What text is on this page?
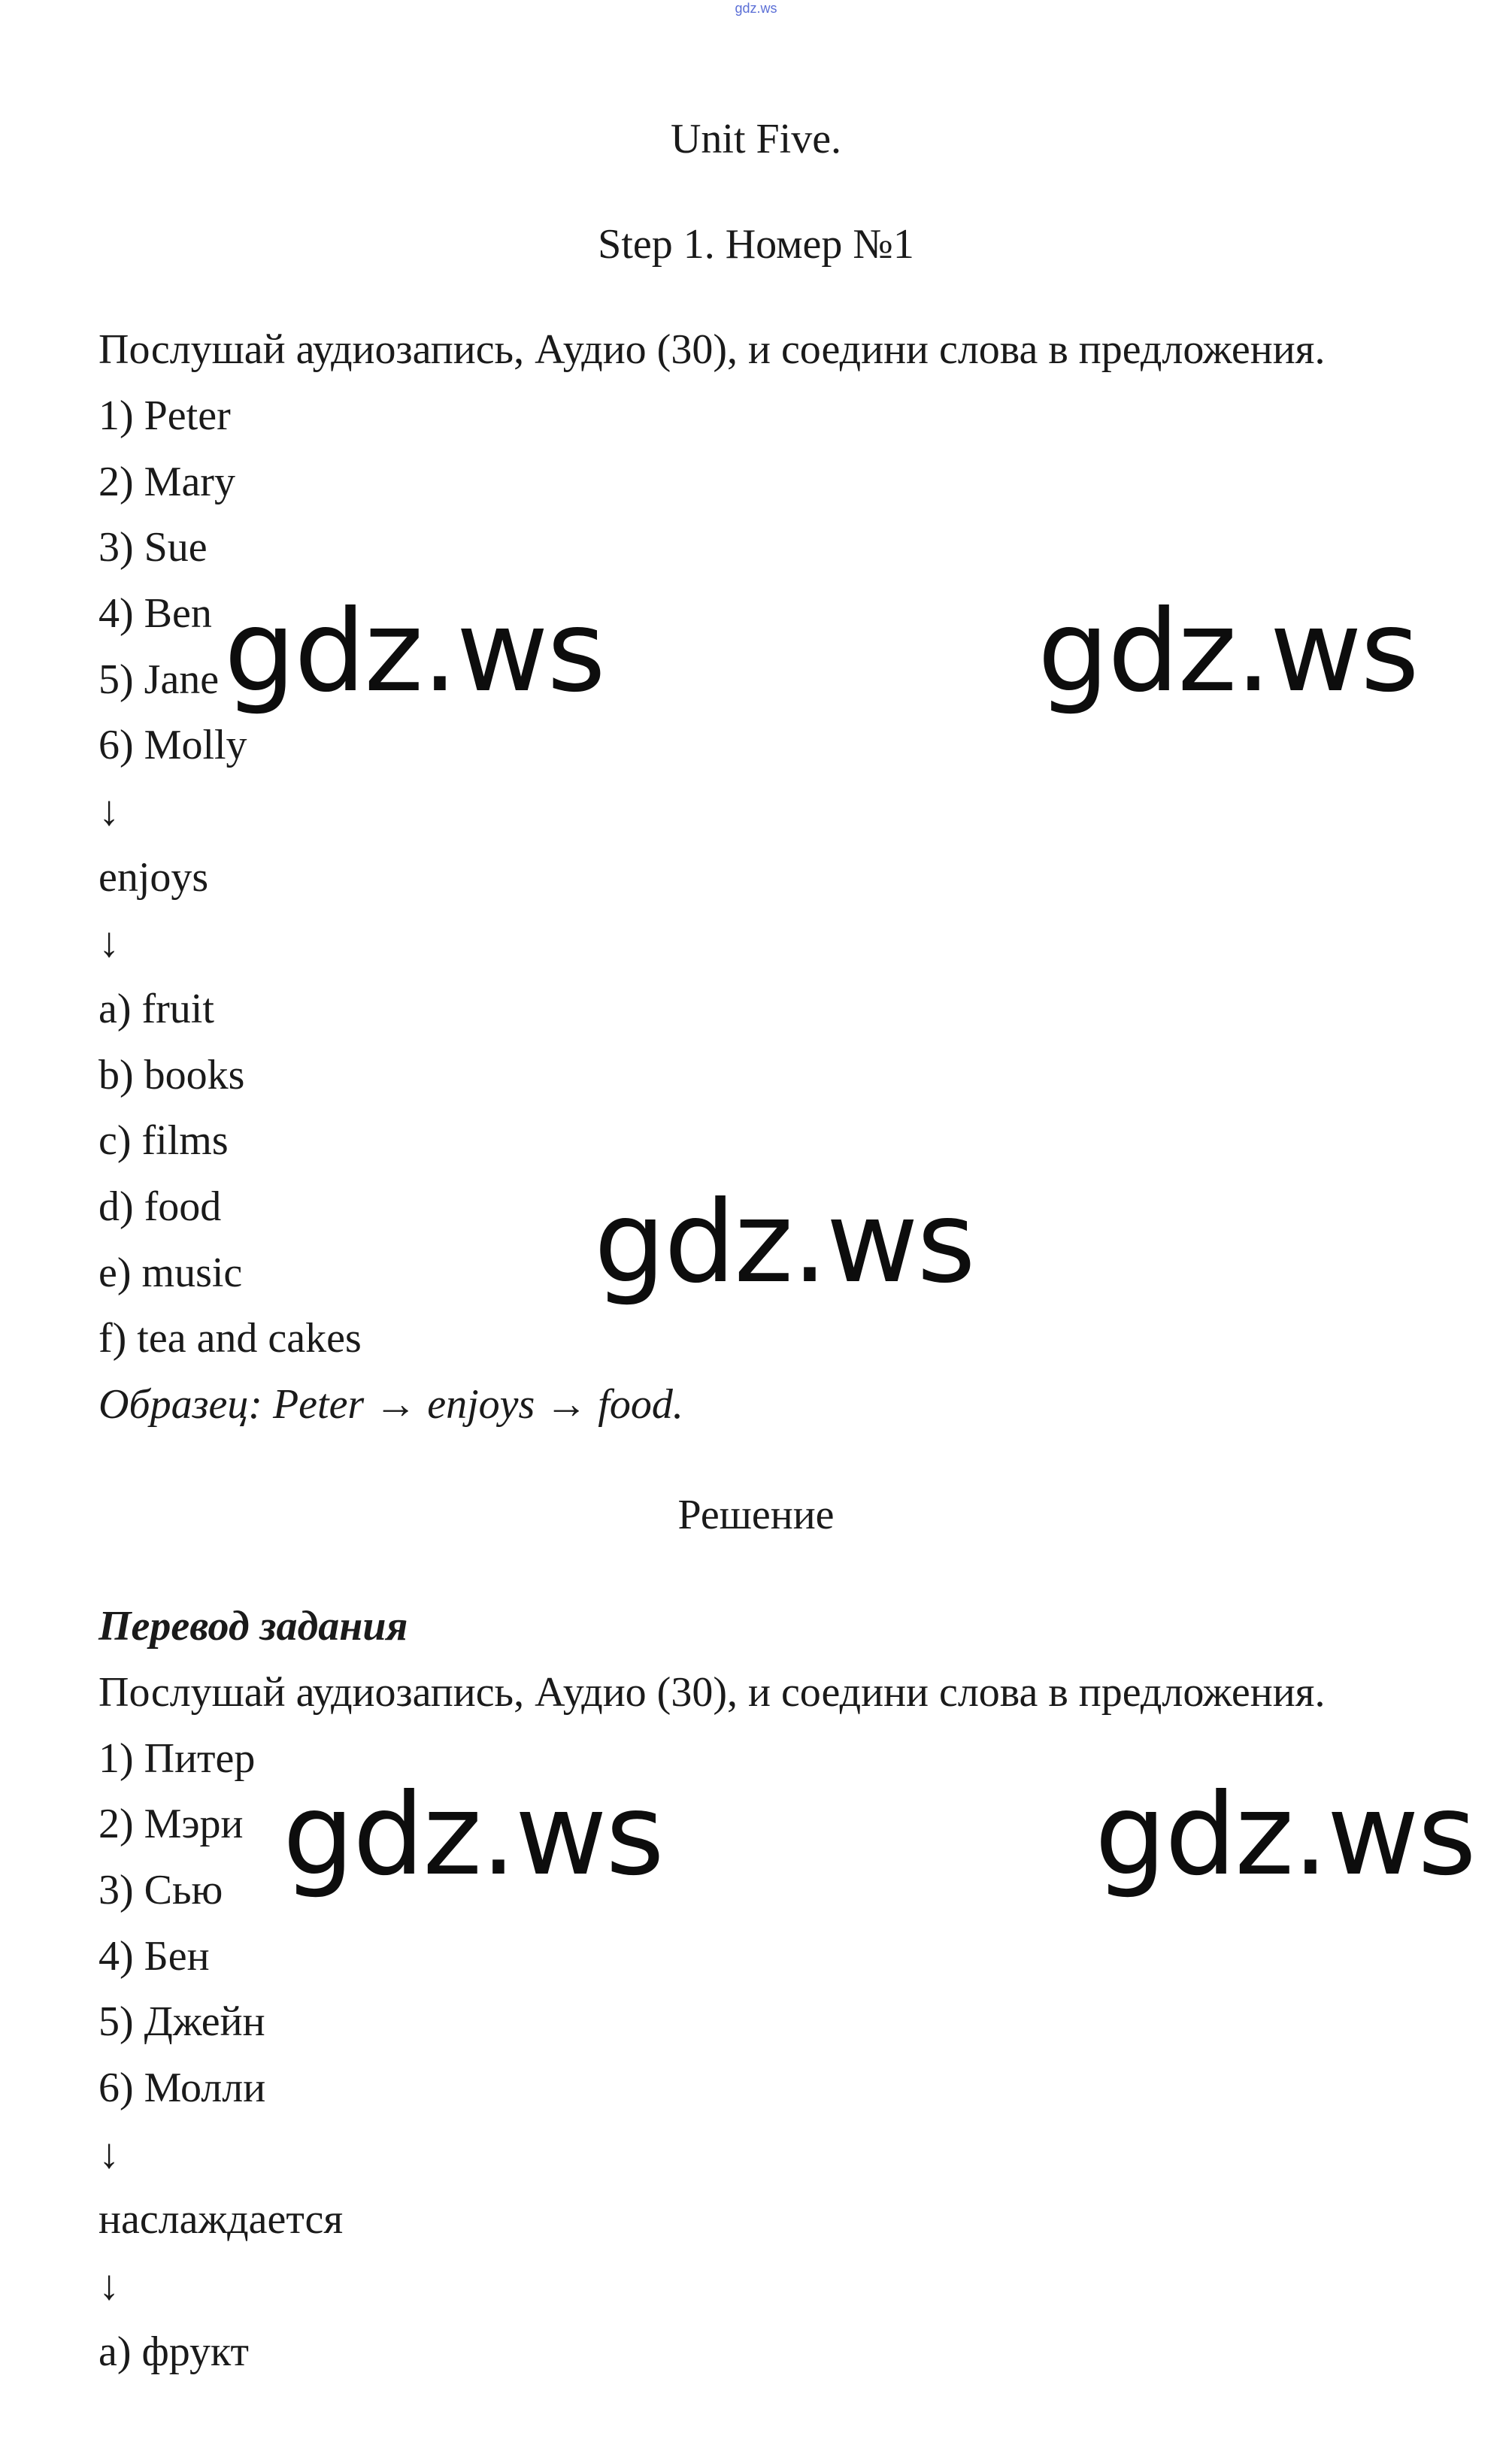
gdz.ws
Unit Five.
Step 1. Номер №1
Послушай аудиозапись, Аудио (30), и соедини слова в предложения.
1) Peter
2) Mary
3) Sue
4) Ben
5) Jane
6) Molly
↓
enjoys
↓
a) fruit
b) books
c) films
d) food
e) music
f) tea and cakes
Образец: Peter → enjoys → food.
Решение
Перевод задания
Послушай аудиозапись, Аудио (30), и соедини слова в предложения.
1) Питер
2) Мэри
3) Сью
4) Бен
5) Джейн
6) Молли
↓
наслаждается
↓
а) фрукт
gdz.ws	gdz.ws
gdz.ws
gdz.ws	gdz.ws
